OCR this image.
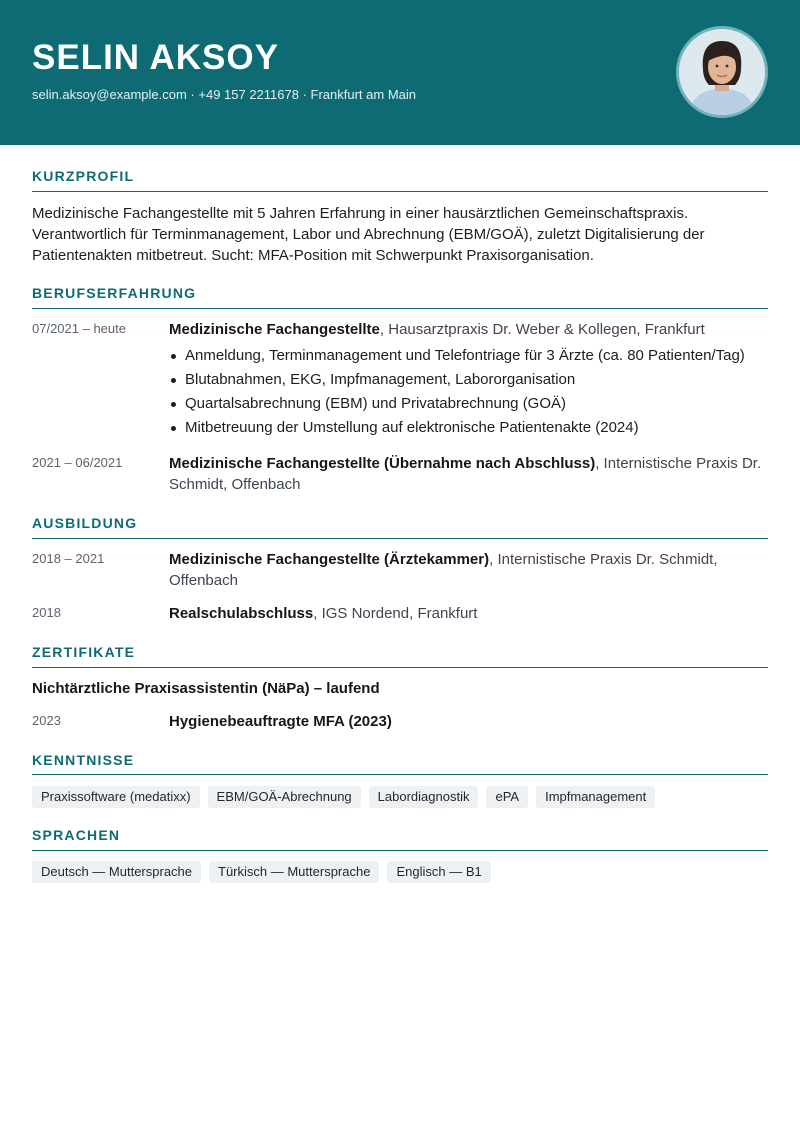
SELIN AKSOY
selin.aksoy@example.com · +49 157 2211678 · Frankfurt am Main
KURZPROFIL
Medizinische Fachangestellte mit 5 Jahren Erfahrung in einer hausärztlichen Gemeinschaftspraxis. Verantwortlich für Terminmanagement, Labor und Abrechnung (EBM/GOÄ), zuletzt Digitalisierung der Patientenakten mitbetreut. Sucht: MFA-Position mit Schwerpunkt Praxisorganisation.
BERUFSERFAHRUNG
07/2021 – heute	Medizinische Fachangestellte, Hausarztpraxis Dr. Weber & Kollegen, Frankfurt
Anmeldung, Terminmanagement und Telefontriage für 3 Ärzte (ca. 80 Patienten/Tag)
Blutabnahmen, EKG, Impfmanagement, Labororganisation
Quartalsabrechnung (EBM) und Privatabrechnung (GOÄ)
Mitbetreuung der Umstellung auf elektronische Patientenakte (2024)
2021 – 06/2021	Medizinische Fachangestellte (Übernahme nach Abschluss), Internistische Praxis Dr. Schmidt, Offenbach
AUSBILDUNG
2018 – 2021	Medizinische Fachangestellte (Ärztekammer), Internistische Praxis Dr. Schmidt, Offenbach
2018	Realschulabschluss, IGS Nordend, Frankfurt
ZERTIFIKATE
Nichtärztliche Praxisassistentin (NäPa) – laufend
2023	Hygienebeauftragte MFA (2023)
KENNTNISSE
Praxissoftware (medatixx)	EBM/GOÄ-Abrechnung	Labordiagnostik	ePA	Impfmanagement
SPRACHEN
Deutsch — Muttersprache	Türkisch — Muttersprache	Englisch — B1
